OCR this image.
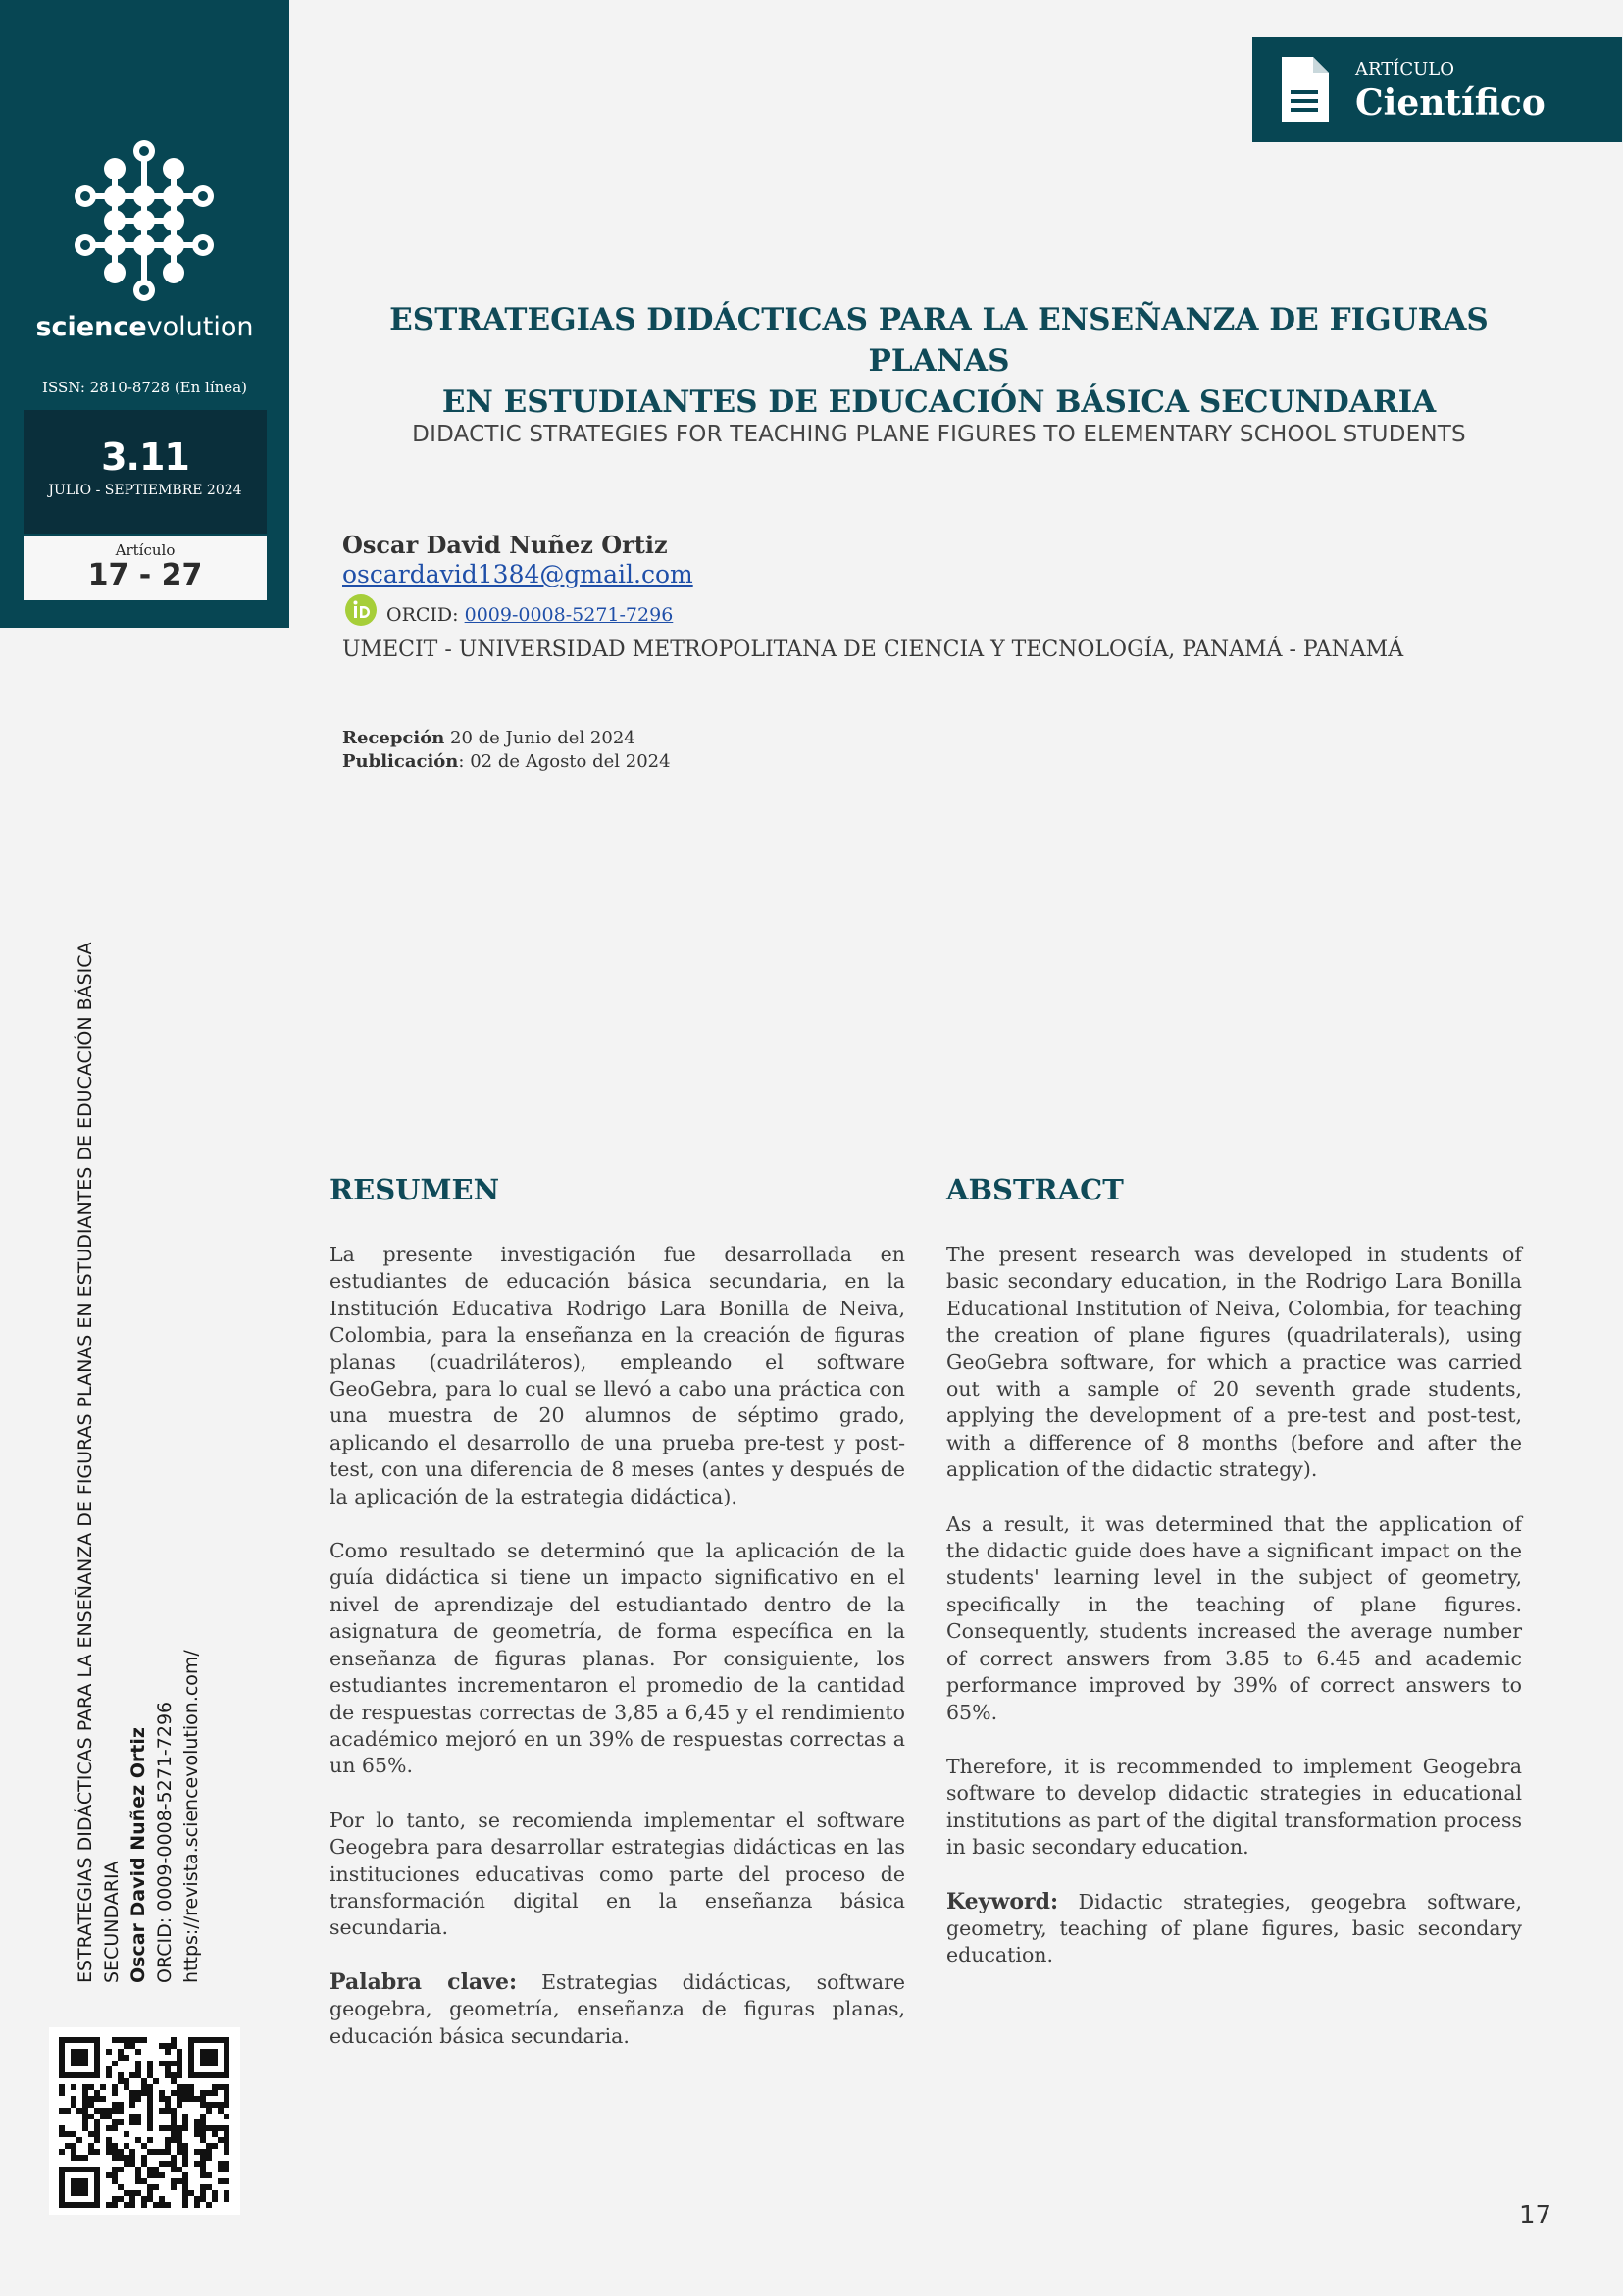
sciencevolution
ISSN: 2810-8728 (En línea)
3.11
JULIO - SEPTIEMBRE 2024
Artículo
17 - 27
ARTÍCULO
Científico
ESTRATEGIAS DIDÁCTICAS PARA LA ENSEÑANZA DE FIGURAS PLANAS
EN ESTUDIANTES DE EDUCACIÓN BÁSICA SECUNDARIA
DIDACTIC STRATEGIES FOR TEACHING PLANE FIGURES TO ELEMENTARY SCHOOL STUDENTS
Oscar David Nuñez Ortiz
oscardavid1384@gmail.com
ORCID: 0009-0008-5271-7296
UMECIT - UNIVERSIDAD METROPOLITANA DE CIENCIA Y TECNOLOGÍA, PANAMÁ - PANAMÁ
Recepción 20 de Junio del 2024
Publicación: 02 de Agosto del 2024
RESUMEN

La presente investigación fue desarrollada en estudiantes de educación básica secundaria, en la Institución Educativa Rodrigo Lara Bonilla de Neiva, Colombia, para la enseñanza en la creación de figuras planas (cuadriláteros), empleando el software GeoGebra, para lo cual se llevó a cabo una práctica con una muestra de 20 alumnos de séptimo grado, aplicando el desarrollo de una prueba pre-test y post-test, con una diferencia de 8 meses (antes y después de la aplicación de la estrategia didáctica).

Como resultado se determinó que la aplicación de la guía didáctica si tiene un impacto significativo en el nivel de aprendizaje del estudiantado dentro de la asignatura de geometría, de forma específica en la enseñanza de figuras planas. Por consiguiente, los estudiantes incrementaron el promedio de la cantidad de respuestas correctas de 3,85 a 6,45 y el rendimiento académico mejoró en un 39% de respuestas correctas a un 65%.

Por lo tanto, se recomienda implementar el software Geogebra para desarrollar estrategias didácticas en las instituciones educativas como parte del proceso de transformación digital en la enseñanza básica secundaria.

Palabra clave: Estrategias didácticas, software geogebra, geometría, enseñanza de figuras planas, educación básica secundaria.

ABSTRACT

The present research was developed in students of basic secondary education, in the Rodrigo Lara Bonilla Educational Institution of Neiva, Colombia, for teaching the creation of plane figures (quadrilaterals), using GeoGebra software, for which a practice was carried out with a sample of 20 seventh grade students, applying the development of a pre-test and post-test, with a difference of 8 months (before and after the application of the didactic strategy).

As a result, it was determined that the application of the didactic guide does have a significant impact on the students' learning level in the subject of geometry, specifically in the teaching of plane figures. Consequently, students increased the average number of correct answers from 3.85 to 6.45 and academic performance improved by 39% of correct answers to 65%.

Therefore, it is recommended to implement Geogebra software to develop didactic strategies in educational institutions as part of the digital transformation process in basic secondary education.

Keyword: Didactic strategies, geogebra software, geometry, teaching of plane figures, basic secondary education.

ESTRATEGIAS DIDÁCTICAS PARA LA ENSEÑANZA DE FIGURAS PLANAS EN ESTUDIANTES DE EDUCACIÓN BÁSICA SECUNDARIA Oscar David Nuñez Ortiz ORCID: 0009-0008-5271-7296 https://revista.sciencevolution.com/
17
